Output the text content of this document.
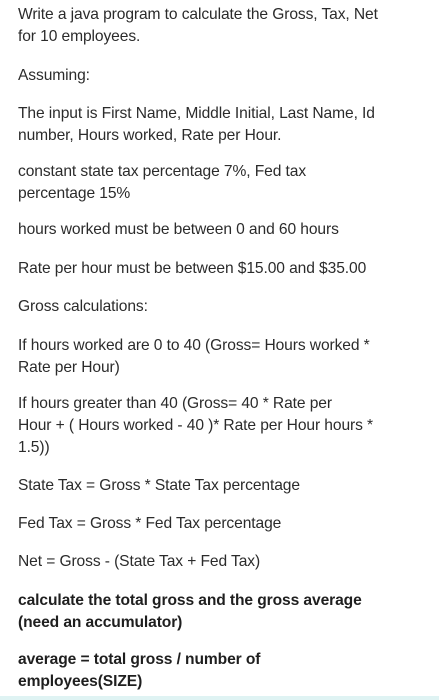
Write a java program to calculate the Gross, Tax, Net
for 10 employees.

Assuming:

The input is First Name, Middle Initial, Last Name, Id
number, Hours worked, Rate per Hour.

constant state tax percentage 7%, Fed tax
percentage 15%

hours worked must be between 0 and 60 hours

Rate per hour must be between $15.00 and $35.00

Gross calculations:

If hours worked are 0 to 40 (Gross= Hours worked *
Rate per Hour)

If hours greater than 40 (Gross= 40 * Rate per
Hour + ( Hours worked - 40 )* Rate per Hour hours *
1.5))

State Tax = Gross * State Tax percentage

Fed Tax = Gross * Fed Tax percentage

Net = Gross - (State Tax + Fed Tax)

calculate the total gross and the gross average
(need an accumulator)

average = total gross / number of
employees(SIZE)
